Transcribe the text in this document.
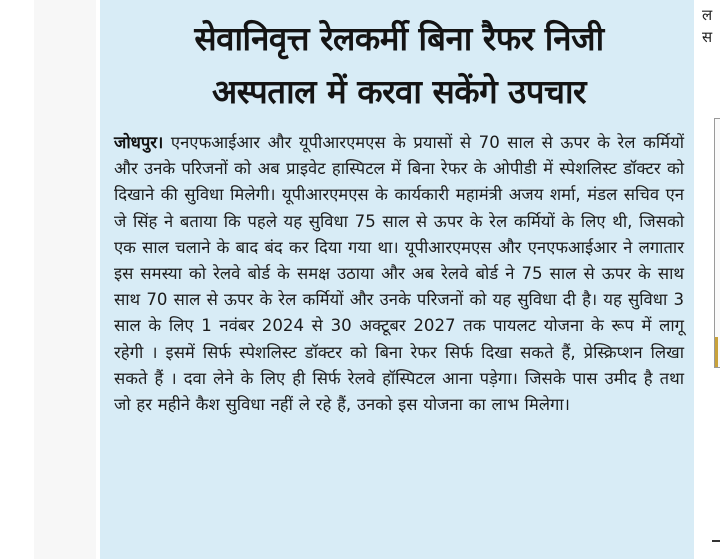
सेवानिवृत्त रेलकर्मी बिना रैफर निजी
अस्पताल में करवा सकेंगे उपचार
जोधपुर। एनएफआईआर और यूपीआरएमएस के प्रयासों से 70 साल से ऊपर के रेल कर्मियों और उनके परिजनों को अब प्राइवेट हास्पिटल में बिना रेफर के ओपीडी में स्पेशलिस्ट डॉक्टर को दिखाने की सुविधा मिलेगी। यूपीआरएमएस के कार्यकारी महामंत्री अजय शर्मा, मंडल सचिव एन जे सिंह ने बताया कि पहले यह सुविधा 75 साल से ऊपर के रेल कर्मियों के लिए थी, जिसको एक साल चलाने के बाद बंद कर दिया गया था। यूपीआरएमएस और एनएफआईआर ने लगातार इस समस्या को रेलवे बोर्ड के समक्ष उठाया और अब रेलवे बोर्ड ने 75 साल से ऊपर के साथ साथ 70 साल से ऊपर के रेल कर्मियों और उनके परिजनों को यह सुविधा दी है। यह सुविधा 3 साल के लिए 1 नवंबर 2024 से 30 अक्टूबर 2027 तक पायलट योजना के रूप में लागू रहेगी । इसमें सिर्फ स्पेशलिस्ट डॉक्टर को बिना रेफर सिर्फ दिखा सकते हैं, प्रेस्क्रिप्शन लिखा सकते हैं । दवा लेने के लिए ही सिर्फ रेलवे हॉस्पिटल आना पड़ेगा। जिसके पास उमीद है तथा जो हर महीने कैश सुविधा नहीं ले रहे हैं, उनको इस योजना का लाभ मिलेगा।
ल
स
